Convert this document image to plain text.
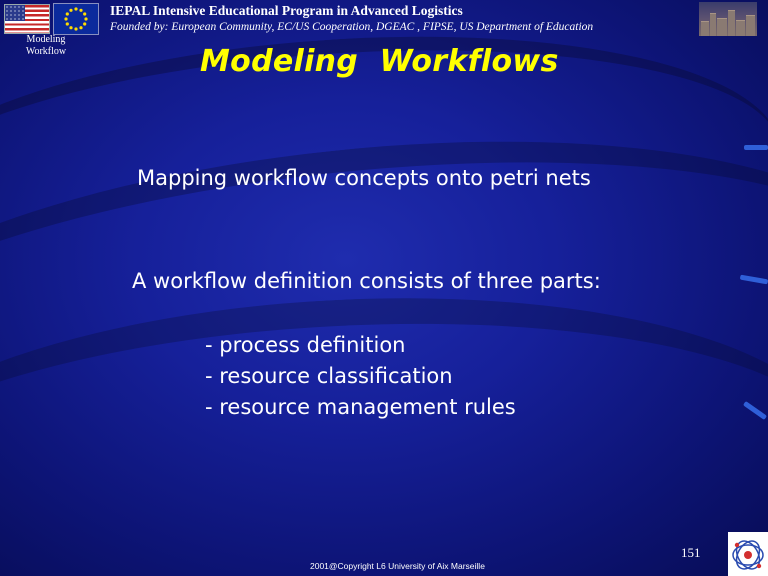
Modeling
Workflow
IEPAL Intensive Educational Program in Advanced Logistics
Founded by: European Community, EC/US Cooperation, DGEAC , FIPSE, US Department of Education
Modeling  Workflows
Mapping workflow concepts onto petri nets
A workflow definition consists of three parts:
- process definition
- resource classification
- resource management rules
151
2001@Copyright L6 University of Aix Marseille
